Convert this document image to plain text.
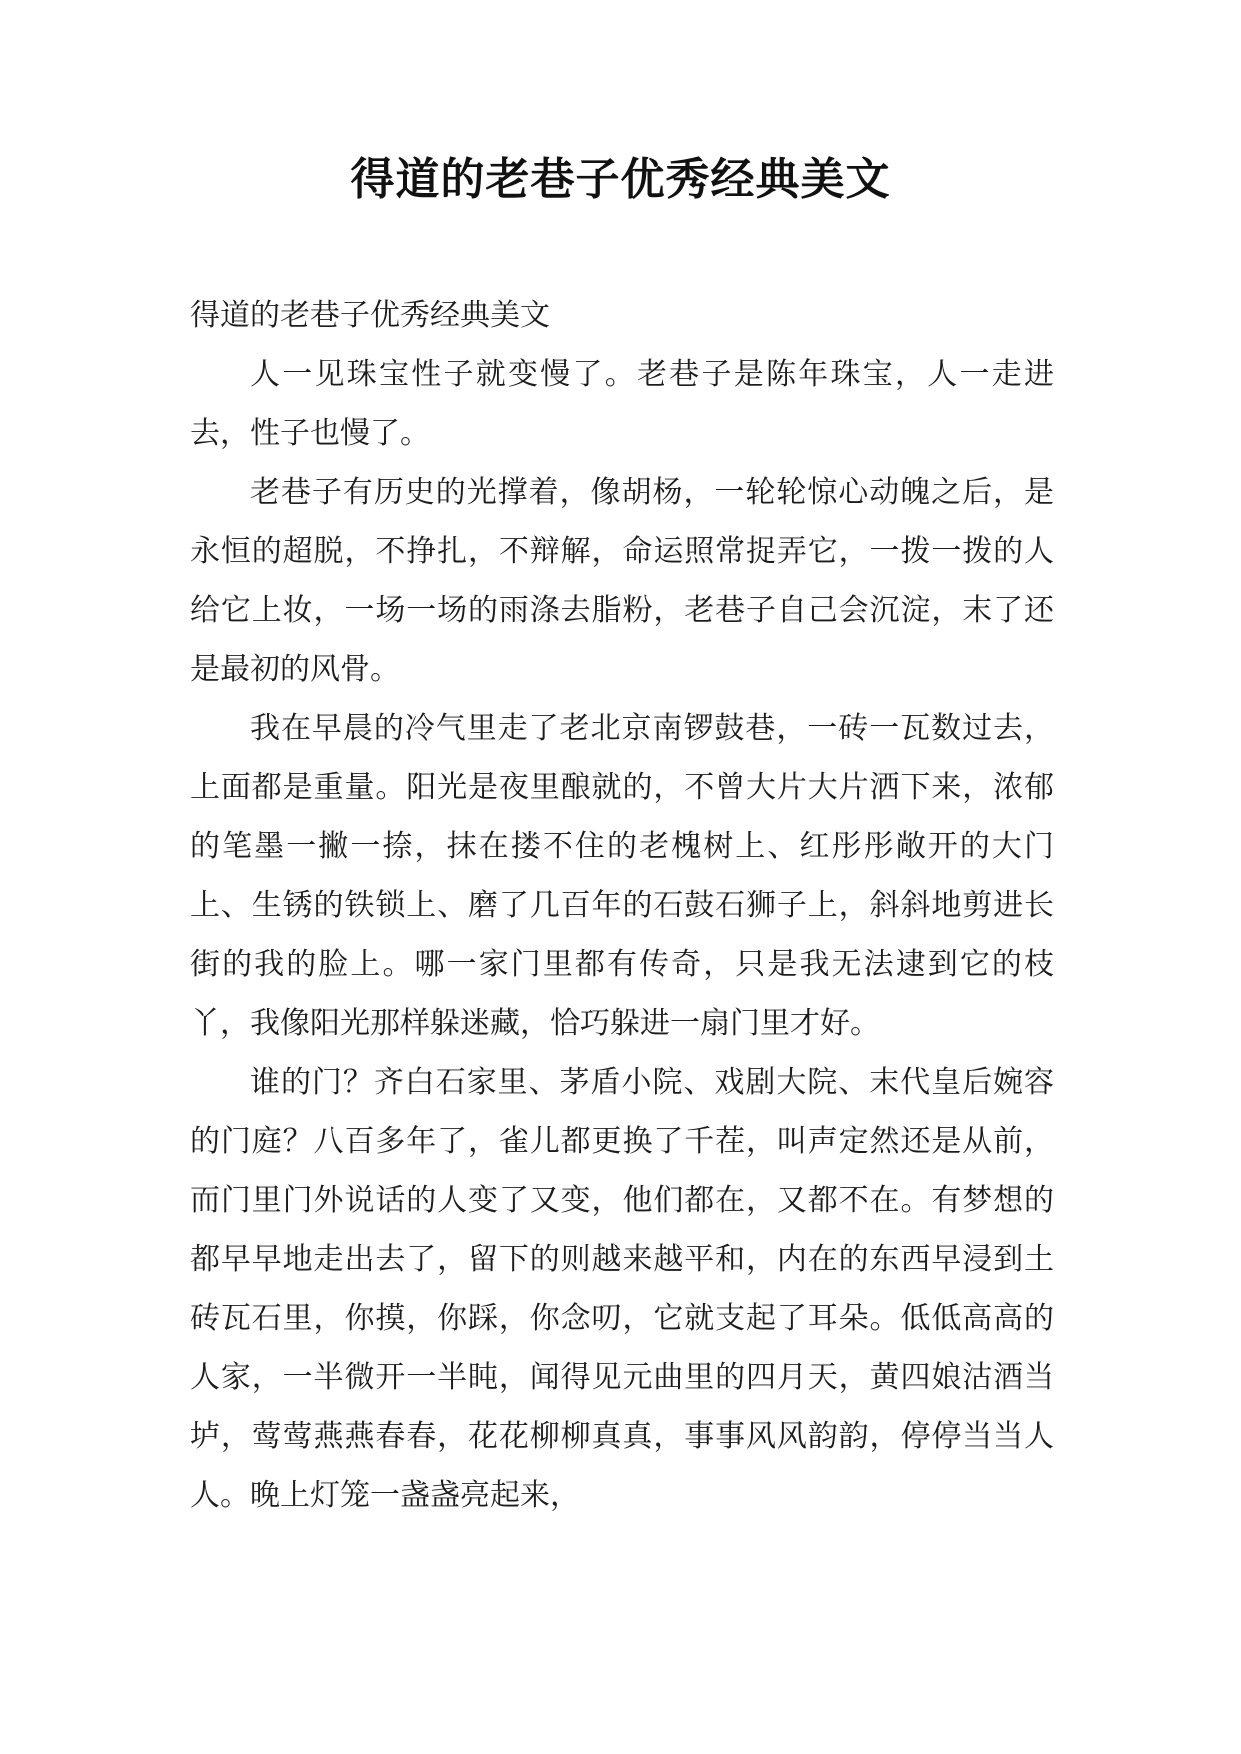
得道的老巷子优秀经典美文

得道的老巷子优秀经典美文

人一见珠宝性子就变慢了。老巷子是陈年珠宝，人一走进去，性子也慢了。

老巷子有历史的光撑着，像胡杨，一轮轮惊心动魄之后，是永恒的超脱，不挣扎，不辩解，命运照常捉弄它，一拨一拨的人给它上妆，一场一场的雨涤去脂粉，老巷子自己会沉淀，末了还是最初的风骨。

我在早晨的冷气里走了老北京南锣鼓巷，一砖一瓦数过去，上面都是重量。阳光是夜里酿就的，不曾大片大片洒下来，浓郁的笔墨一撇一捺，抹在搂不住的老槐树上、红彤彤敞开的大门上、生锈的铁锁上、磨了几百年的石鼓石狮子上，斜斜地剪进长街的我的脸上。哪一家门里都有传奇，只是我无法逮到它的枝丫，我像阳光那样躲迷藏，恰巧躲进一扇门里才好。

谁的门？齐白石家里、茅盾小院、戏剧大院、末代皇后婉容的门庭？八百多年了，雀儿都更换了千茬，叫声定然还是从前，而门里门外说话的人变了又变，他们都在，又都不在。有梦想的都早早地走出去了，留下的则越来越平和，内在的东西早浸到土砖瓦石里，你摸，你踩，你念叨，它就支起了耳朵。低低高高的人家，一半微开一半盹，闻得见元曲里的四月天，黄四娘沽酒当垆，莺莺燕燕春春，花花柳柳真真，事事风风韵韵，停停当当人人。晚上灯笼一盏盏亮起来，
